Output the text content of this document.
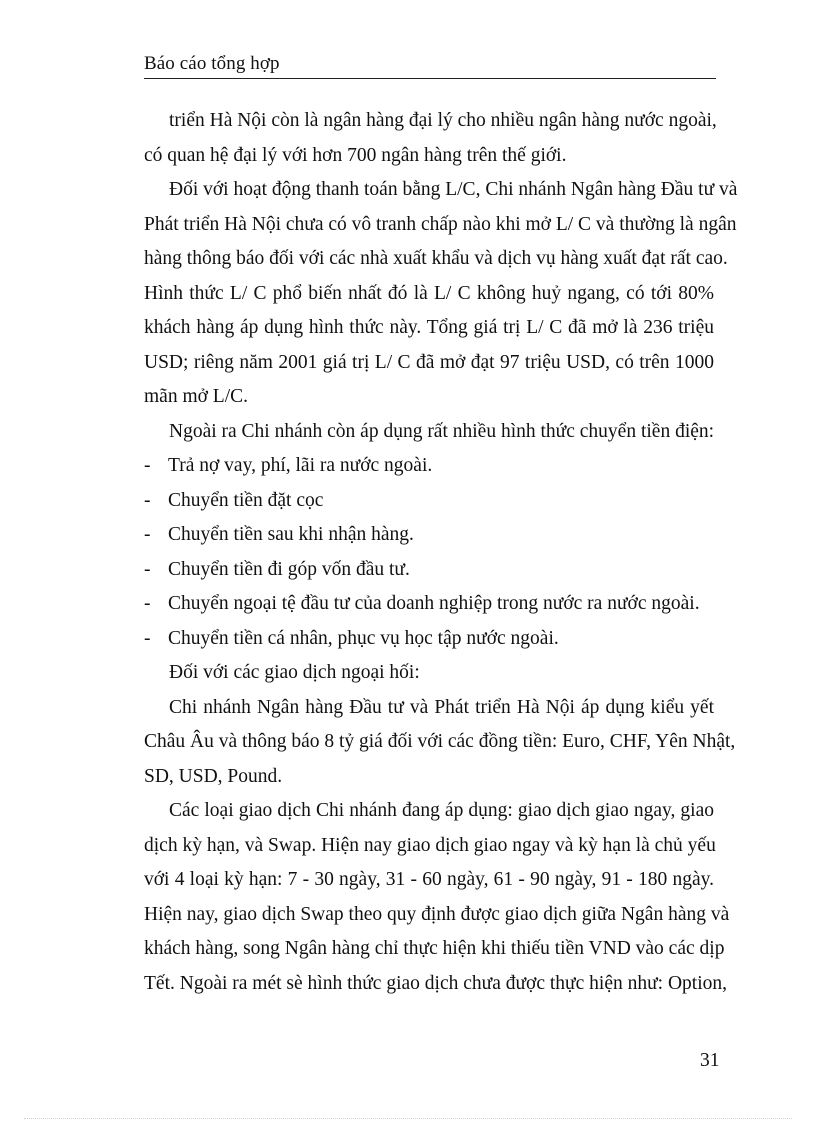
Báo cáo tổng hợp
triển Hà Nội còn là ngân hàng đại lý cho nhiều ngân hàng nước ngoài,
có quan hệ đại lý với hơn 700 ngân hàng trên thế giới.
Đối với hoạt động thanh toán bằng L/C, Chi nhánh Ngân hàng Đầu tư và
Phát triển Hà Nội chưa có vô tranh chấp nào khi mở L/ C và thường là ngân
hàng thông báo đối với các nhà xuất khẩu và dịch vụ hàng xuất đạt rất cao.
Hình thức L/ C phổ biến nhất đó là L/ C không huỷ ngang, có tới 80%
khách hàng áp dụng hình thức này. Tổng giá trị L/ C đã mở là 236 triệu
USD; riêng năm 2001 giá trị L/ C đã mở đạt 97 triệu USD, có trên 1000
mãn mở L/C.
Ngoài ra Chi nhánh còn áp dụng rất nhiều hình thức chuyển tiền điện:
- Trả nợ vay, phí, lãi ra nước ngoài.
- Chuyển tiền đặt cọc
- Chuyển tiền sau khi nhận hàng.
- Chuyển tiền đi góp vốn đầu tư.
- Chuyển ngoại tệ đầu tư của doanh nghiệp trong nước ra nước ngoài.
- Chuyển tiền cá nhân, phục vụ học tập nước ngoài.
Đối với các giao dịch ngoại hối:
Chi nhánh Ngân hàng Đầu tư và Phát triển Hà Nội áp dụng kiểu yết
Châu Âu và thông báo 8 tỷ giá đối với các đồng tiền: Euro, CHF, Yên Nhật,
SD, USD, Pound.
Các loại giao dịch Chi nhánh đang áp dụng: giao dịch giao ngay, giao
dịch kỳ hạn, và Swap. Hiện nay giao dịch giao ngay và kỳ hạn là chủ yếu
với 4 loại kỳ hạn: 7 - 30 ngày, 31 - 60 ngày, 61 - 90 ngày, 91 - 180 ngày.
Hiện nay, giao dịch Swap theo quy định được giao dịch giữa Ngân hàng và
khách hàng, song Ngân hàng chỉ thực hiện khi thiếu tiền VND vào các dịp
Tết. Ngoài ra mét sè hình thức giao dịch chưa được thực hiện như: Option,
31
